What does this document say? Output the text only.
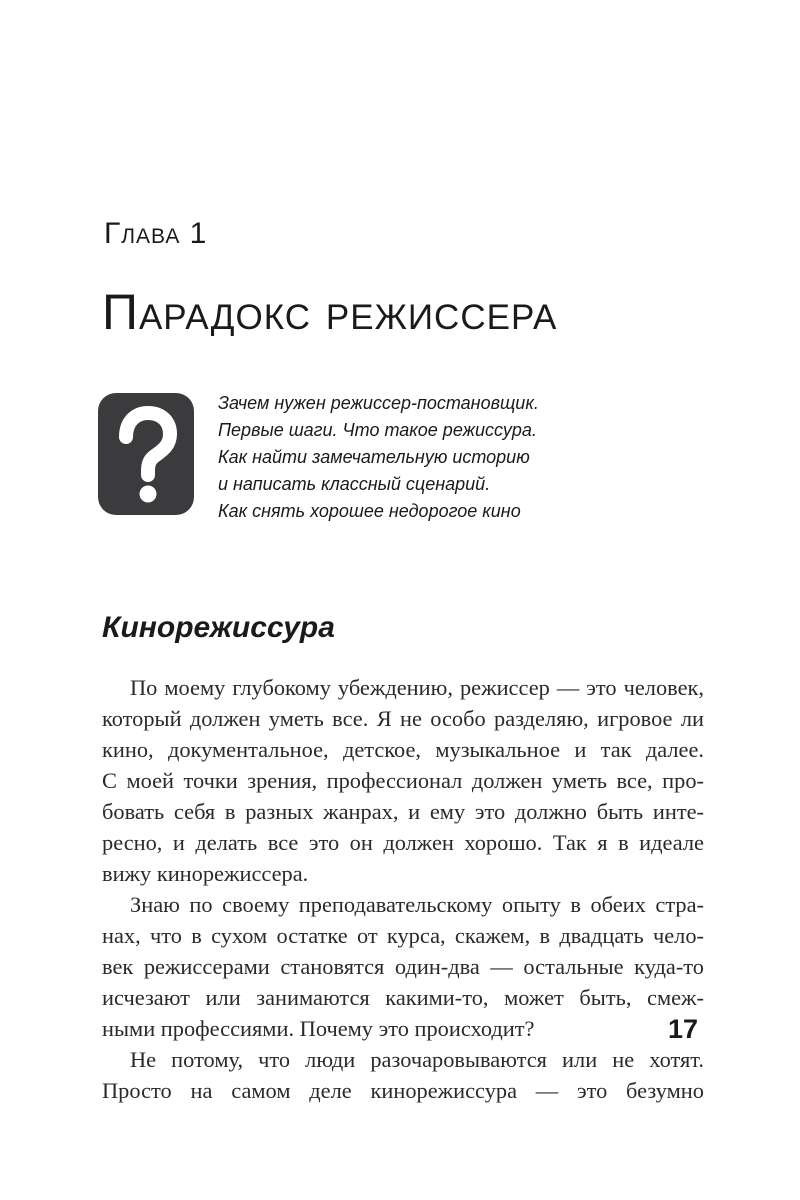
Глава 1
Парадокс режиссера
Зачем нужен режиссер-постановщик.
Первые шаги. Что такое режиссура.
Как найти замечательную историю
и написать классный сценарий.
Как снять хорошее недорогое кино
Кинорежиссура
По моему глубокому убеждению, режиссер — это человек,
который должен уметь все. Я не особо разделяю, игровое ли
кино, документальное, детское, музыкальное и так далее.
С моей точки зрения, профессионал должен уметь все, про-
бовать себя в разных жанрах, и ему это должно быть инте-
ресно, и делать все это он должен хорошо. Так я в идеале
вижу кинорежиссера.
Знаю по своему преподавательскому опыту в обеих стра-
нах, что в сухом остатке от курса, скажем, в двадцать чело-
век режиссерами становятся один-два — остальные куда-то
исчезают или занимаются какими-то, может быть, смеж-
ными профессиями. Почему это происходит?
Не потому, что люди разочаровываются или не хотят.
Просто на самом деле кинорежиссура — это безумно
17
